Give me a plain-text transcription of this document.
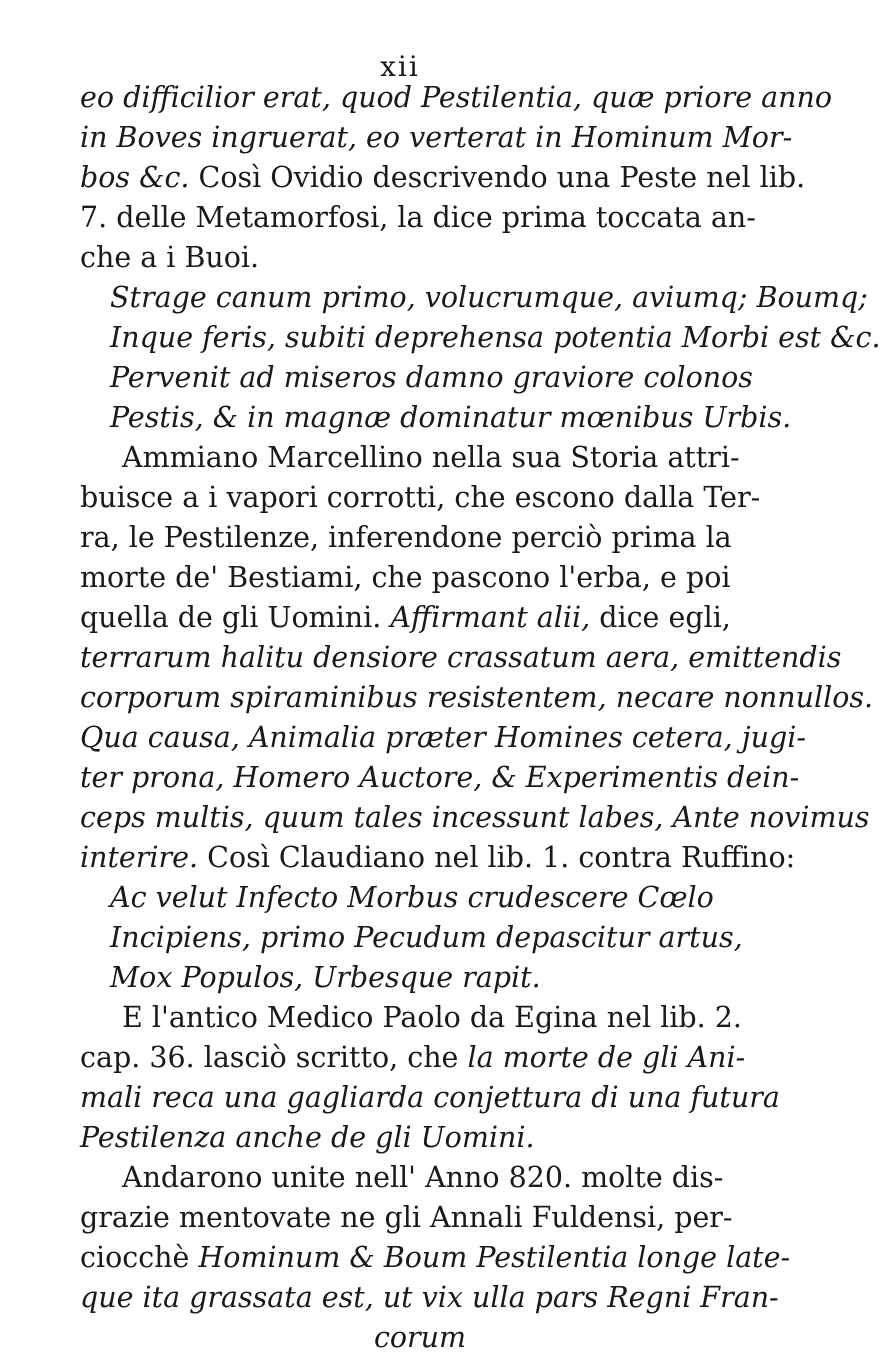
xii
eo difficilior erat, quod Pestilentia, quæ priore anno
in Boves ingruerat, eo verterat in Hominum Mor-
bos &c. Così Ovidio descrivendo una Peste nel lib.
7. delle Metamorfosi, la dice prima toccata an-
che a i Buoi.
Strage canum primo, volucrumque, aviumq; Boumq;
Inque feris, subiti deprehensa potentia Morbi est &c.
Pervenit ad miseros damno graviore colonos
Pestis, & in magnæ dominatur mœnibus Urbis.
Ammiano Marcellino nella sua Storia attri-
buisce a i vapori corrotti, che escono dalla Ter-
ra, le Pestilenze, inferendone perciò prima la
morte de' Bestiami, che pascono l'erba, e poi
quella de gli Uomini. Affirmant alii, dice egli,
terrarum halitu densiore crassatum aera, emittendis
corporum spiraminibus resistentem, necare nonnullos.
Qua causa, Animalia præter Homines cetera, jugi-
ter prona, Homero Auctore, & Experimentis dein-
ceps multis, quum tales incessunt labes, Ante novimus
interire. Così Claudiano nel lib. 1. contra Ruffino:
Ac velut Infecto Morbus crudescere Cœlo
Incipiens, primo Pecudum depascitur artus,
Mox Populos, Urbesque rapit.
E l'antico Medico Paolo da Egina nel lib. 2.
cap. 36. lasciò scritto, che la morte de gli Ani-
mali reca una gagliarda conjettura di una futura
Pestilenza anche de gli Uomini.
Andarono unite nell' Anno 820. molte dis-
grazie mentovate ne gli Annali Fuldensi, per-
ciocchè Hominum & Boum Pestilentia longe late-
que ita grassata est, ut vix ulla pars Regni Fran-
corum
